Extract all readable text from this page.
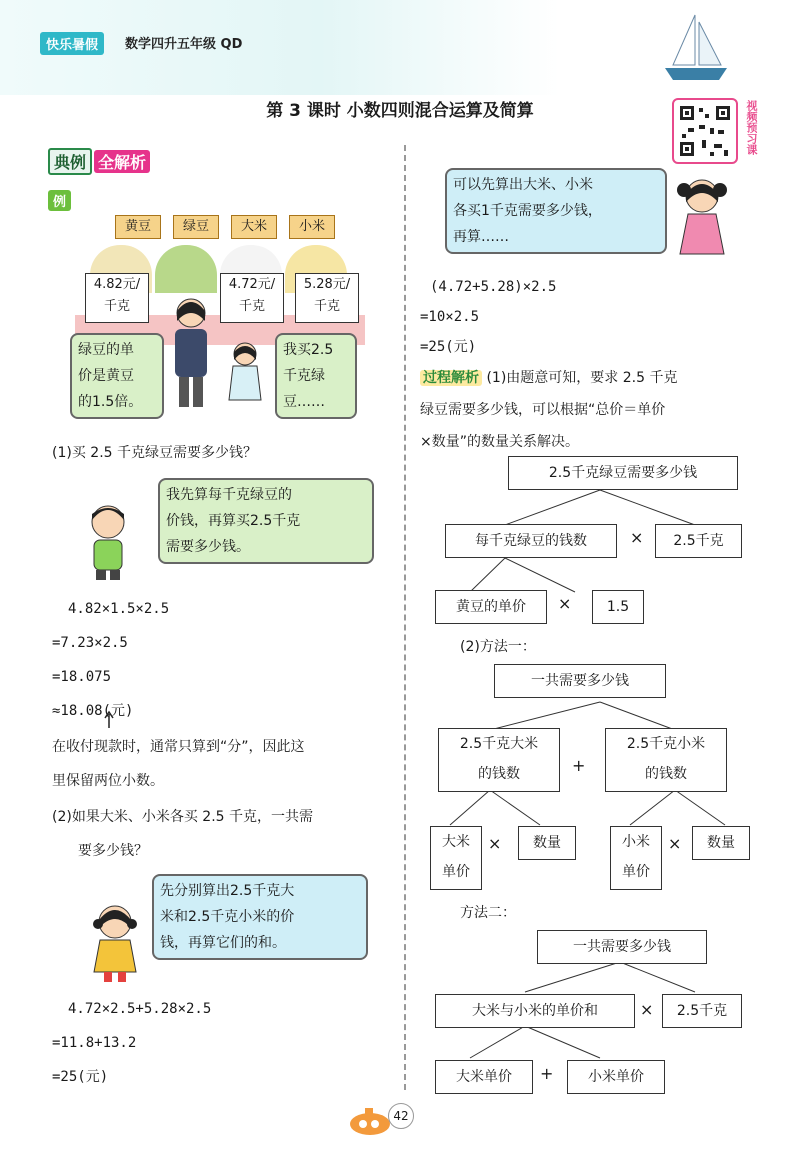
快乐暑假	数学四升五年级 QD
第 3 课时 小数四则混合运算及简算	视频预习课
典例 全解析
例
黄豆	绿豆	大米	小米
4.82元/
千克
4.72元/
千克
5.28元/
千克
绿豆的单
价是黄豆
的1.5倍。
我买2.5
千克绿
豆……
(1)买 2.5 千克绿豆需要多少钱？
我先算每千克绿豆的
价钱，再算买2.5千克
需要多少钱。
4.82×1.5×2.5
=7.23×2.5
=18.075
≈18.08(元)
在收付现款时，通常只算到“分”，因此这
里保留两位小数。
(2)如果大米、小米各买 2.5 千克，一共需
要多少钱？
先分别算出2.5千克大
米和2.5千克小米的价
钱，再算它们的和。
4.72×2.5+5.28×2.5
=11.8+13.2
=25(元)
可以先算出大米、小米
各买1千克需要多少钱，
再算……
(4.72+5.28)×2.5
=10×2.5
=25(元)
过程解析 (1)由题意可知，要求 2.5 千克
绿豆需要多少钱，可以根据“总价＝单价
×数量”的数量关系解决。
2.5千克绿豆需要多少钱
每千克绿豆的钱数	×	2.5千克
黄豆的单价	×	1.5
(2)方法一：
一共需要多少钱
2.5千克大米
的钱数	+
2.5千克小米
的钱数
大米
单价
×	数量	小米
单价
×	数量
方法二：
一共需要多少钱
大米与小米的单价和	×	2.5千克
大米单价	+	小米单价
42
